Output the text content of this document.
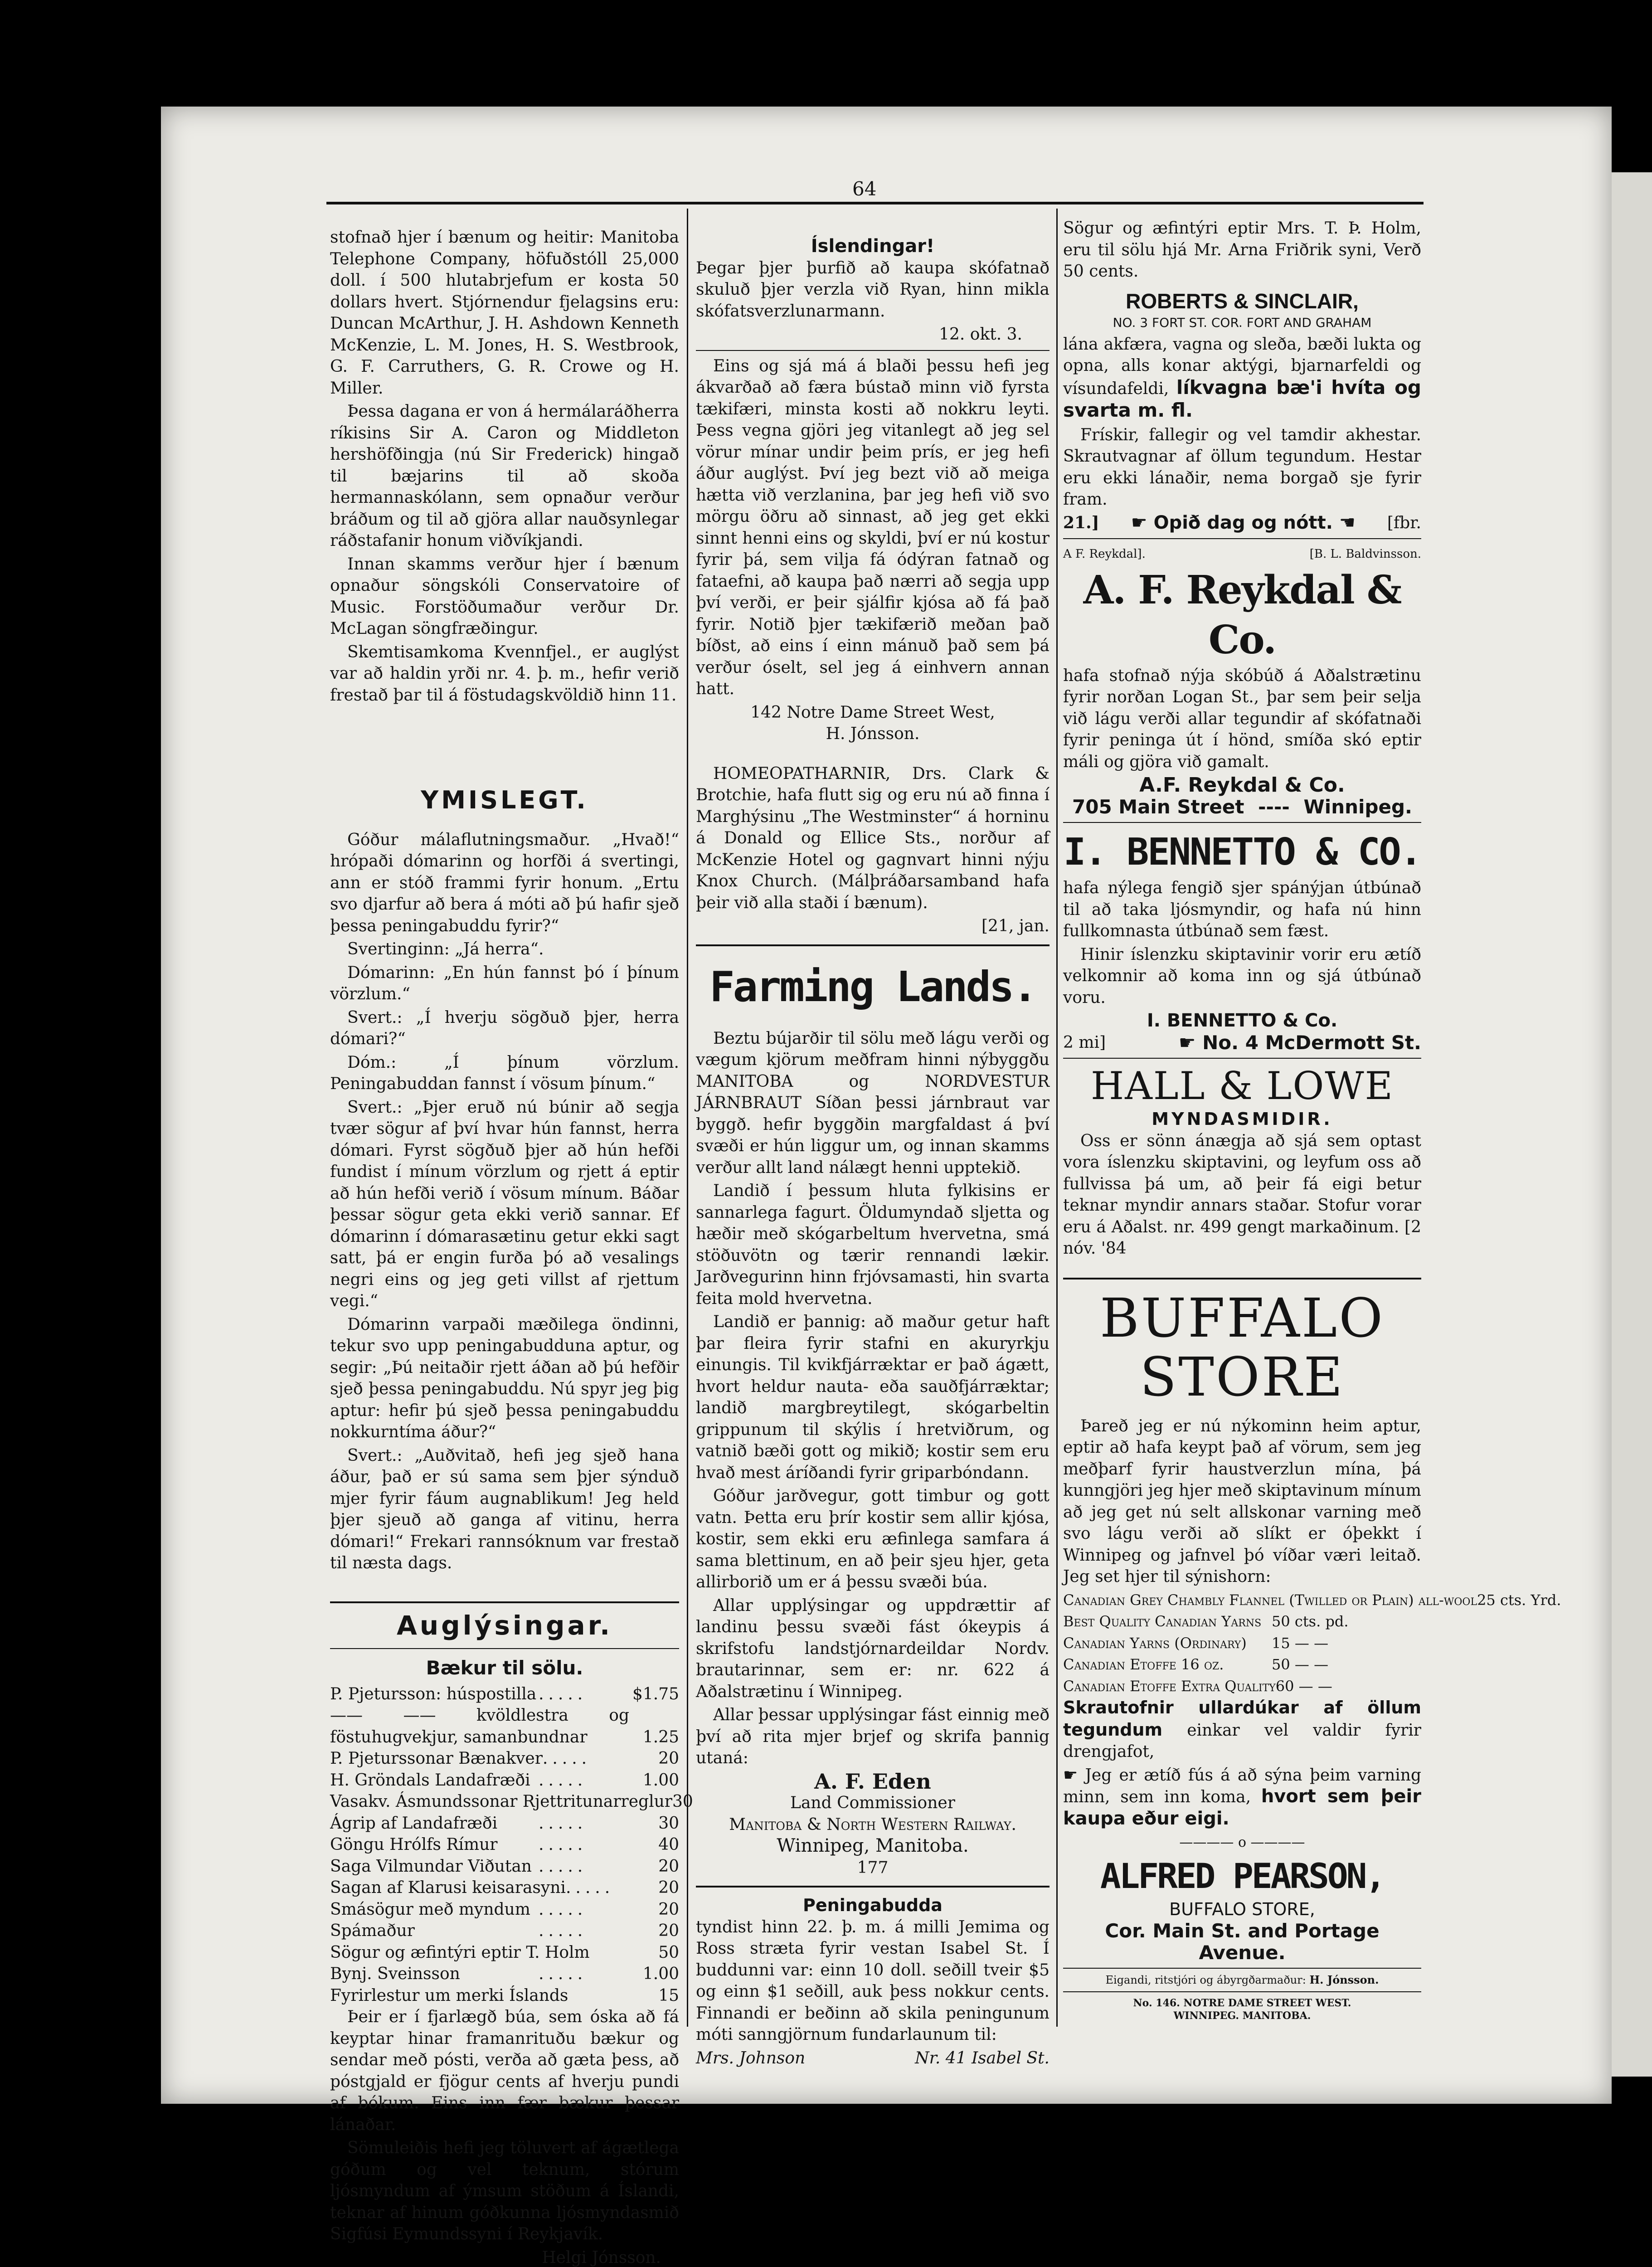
64

stofnað hjer í bænum og heitir: Manitoba Telephone Company, höfuðstóll 25,000 doll. í 500 hlutabrjefum er kosta 50 dollars hvert. Stjórnendur fjelagsins eru: Duncan McArthur, J. H. Ashdown Kenneth McKenzie, L. M. Jones, H. S. Westbrook, G. F. Carruthers, G. R. Crowe og H. Miller.

Þessa dagana er von á hermálaráðherra ríkisins Sir A. Caron og Middleton hershöfðingja (nú Sir Frederick) hingað til bæjarins til að skoða hermannaskólann, sem opnaður verður bráðum og til að gjöra allar nauðsynlegar ráðstafanir honum viðvíkjandi.

Innan skamms verður hjer í bænum opnaður söngskóli Conservatoire of Music. Forstöðumaður verður Dr. McLagan söngfræðingur.

Skemtisamkoma Kvennfjel., er auglýst var að haldin yrði nr. 4. þ. m., hefir verið frestað þar til á föstudagskvöldið hinn 11.

YMISLEGT.

Góður málaflutningsmaður. „Hvað!“ hrópaði dómarinn og horfði á svertingi, ann er stóð frammi fyrir honum. „Ertu svo djarfur að bera á móti að þú hafir sjeð þessa peningabuddu fyrir?“

Svertinginn: „Já herra“.

Dómarinn: „En hún fannst þó í þínum vörzlum.“

Svert.: „Í hverju sögðuð þjer, herra dómari?“

Dóm.: „Í þínum vörzlum. Peningabuddan fannst í vösum þínum.“

Svert.: „Þjer eruð nú búnir að segja tvær sögur af því hvar hún fannst, herra dómari. Fyrst sögðuð þjer að hún hefði fundist í mínum vörzlum og rjett á eptir að hún hefði verið í vösum mínum. Báðar þessar sögur geta ekki verið sannar. Ef dómarinn í dómarasætinu getur ekki sagt satt, þá er engin furða þó að vesalings negri eins og jeg geti villst af rjettum vegi.“

Dómarinn varpaði mæðilega öndinni, tekur svo upp peningabudduna aptur, og segir: „Þú neitaðir rjett áðan að þú hefðir sjeð þessa peningabuddu. Nú spyr jeg þig aptur: hefir þú sjeð þessa peningabuddu nokkurntíma áður?“

Svert.: „Auðvitað, hefi jeg sjeð hana áður, það er sú sama sem þjer sýnduð mjer fyrir fáum augnablikum! Jeg held þjer sjeuð að ganga af vitinu, herra dómari!“ Frekari rannsóknum var frestað til næsta dags.

Auglýsingar.
Bækur til sölu.
P. Pjetursson: húspostilla .....	$1.75
—— —— kvöldlestra og föstuhugvekjur, samanbundnar	1.25
P. Pjeturssonar Bænakver .....	20
H. Gröndals Landafræði .....	1.00
Vasakv. Ásmundssonar Rjettritunarreglur 30
Ágrip af Landafræði	.....	30
Göngu Hrólfs Rímur	.....	40
Saga Vilmundar Viðutan .....	20
Sagan af Klarusi keisarasyni .....	20
Smásögur með myndum .....	20
Spámaður	.....	20
Sögur og æfintýri eptir T. Holm	50
Bynj. Sveinsson	.....	1.00
Fyrirlestur um merki Íslands	15

Þeir er í fjarlægð búa, sem óska að fá keyptar hinar framanrituðu bækur og sendar með pósti, verða að gæta þess, að póstgjald er fjögur cents af hverju pundi af bókum. Eins inn fær bækur þessar lánaðar.

Sömuleiðis hefi jeg töluvert af ágætlega góðum og vel teknum, stórum ljósmyndum af ýmsum stöðum á Íslandi, teknar af hinum góðkunna ljósmyndasmið Sigfúsi Eymundssyni í Reykjavík.

Helgi Jónsson.
Íslendingar!

Þegar þjer þurfið að kaupa skófatnað skuluð þjer verzla við Ryan, hinn mikla skófatsverzlunarmann.

12. okt. 3.

Eins og sjá má á blaði þessu hefi jeg ákvarðað að færa bústað minn við fyrsta tækifæri, minsta kosti að nokkru leyti. Þess vegna gjöri jeg vitanlegt að jeg sel vörur mínar undir þeim prís, er jeg hefi áður auglýst. Því jeg bezt við að meiga hætta við verzlanina, þar jeg hefi við svo mörgu öðru að sinnast, að jeg get ekki sinnt henni eins og skyldi, því er nú kostur fyrir þá, sem vilja fá ódýran fatnað og fataefni, að kaupa það nærri að segja upp því verði, er þeir sjálfir kjósa að fá það fyrir. Notið þjer tækifærið meðan það bíðst, að eins í einn mánuð það sem þá verður óselt, sel jeg á einhvern annan hatt.

142 Notre Dame Street West,
H. Jónsson.

HOMEOPATHARNIR, Drs. Clark & Brotchie, hafa flutt sig og eru nú að finna í Marghýsinu „The Westminster“ á horninu á Donald og Ellice Sts., norður af McKenzie Hotel og gagnvart hinni nýju Knox Church. (Málþráðarsamband hafa þeir við alla staði í bænum).

[21, jan.
Farming Lands.

Beztu bújarðir til sölu með lágu verði og vægum kjörum meðfram hinni nýbyggðu MANITOBA og NORDVESTUR JÁRNBRAUT Síðan þessi járnbraut var byggð. hefir byggðin margfaldast á því svæði er hún liggur um, og innan skamms verður allt land nálægt henni upptekið.

Landið í þessum hluta fylkisins er sannarlega fagurt. Öldumyndað sljetta og hæðir með skógarbeltum hvervetna, smá stöðuvötn og tærir rennandi lækir. Jarðvegurinn hinn frjóvsamasti, hin svarta feita mold hvervetna.

Landið er þannig: að maður getur haft þar fleira fyrir stafni en akuryrkju einungis. Til kvikfjárræktar er það ágætt, hvort heldur nauta- eða sauðfjárræktar; landið margbreytilegt, skógarbeltin grippunum til skýlis í hretviðrum, og vatnið bæði gott og mikið; kostir sem eru hvað mest áríðandi fyrir griparbóndann.

Góður jarðvegur, gott timbur og gott vatn. Þetta eru þrír kostir sem allir kjósa, kostir, sem ekki eru æfinlega samfara á sama blettinum, en að þeir sjeu hjer, geta allirborið um er á þessu svæði búa.

Allar upplýsingar og uppdrættir af landinu þessu svæði fást ókeypis á skrifstofu landstjórnardeildar Nordv. brautarinnar, sem er: nr. 622 á Aðalstrætinu í Winnipeg.

Allar þessar upplýsingar fást einnig með því að rita mjer brjef og skrifa þannig utaná:

A. F. Eden
Land Commissioner
Manitoba & North Western Railway.
Winnipeg, Manitoba.
177
Peningabudda

tyndist hinn 22. þ. m. á milli Jemima og Ross stræta fyrir vestan Isabel St. Í buddunni var: einn 10 doll. seðill tveir $5 og einn $1 seðill, auk þess nokkur cents. Finnandi er beðinn að skila peningunum móti sanngjörnum fundarlaunum til:

Mrs. Johnson	Nr. 41 Isabel St.

Sögur og æfintýri eptir Mrs. T. Þ. Holm, eru til sölu hjá Mr. Arna Friðrik syni, Verð 50 cents.

ROBERTS & SINCLAIR,
NO. 3 FORT ST. COR. FORT AND GRAHAM

lána akfæra, vagna og sleða, bæði lukta og opna, alls konar aktýgi, bjarnarfeldi og vísundafeldi, líkvagna bæ'i hvíta og svarta m. fl.

Frískir, fallegir og vel tamdir akhestar. Skrautvagnar af öllum tegundum. Hestar eru ekki lánaðir, nema borgað sje fyrir fram.

21.] ☛ Opið dag og nótt. ☚ [fbr.
A F. Reykdal].	[B. L. Baldvinsson.
A. F. Reykdal & Co.

hafa stofnað nýja skóbúð á Aðalstrætinu fyrir norðan Logan St., þar sem þeir selja við lágu verði allar tegundir af skófatnaði fyrir peninga út í hönd, smíða skó eptir máli og gjöra við gamalt.

A.F. Reykdal & Co.
705 Main Street ---- Winnipeg.
I. BENNETTO & CO.

hafa nýlega fengið sjer spánýjan útbúnað til að taka ljósmyndir, og hafa nú hinn fullkomnasta útbúnað sem fæst.

Hinir íslenzku skiptavinir vorir eru ætíð velkomnir að koma inn og sjá útbúnað voru.

I. BENNETTO & Co.
2 mi]	☛ No. 4 McDermott St.
HALL & LOWE
MYNDASMIDIR.

Oss er sönn ánægja að sjá sem optast vora íslenzku skiptavini, og leyfum oss að fullvissa þá um, að þeir fá eigi betur teknar myndir annars staðar. Stofur vorar eru á Aðalst. nr. 499 gengt markaðinum. [2 nóv. '84

BUFFALO
STORE

Þareð jeg er nú nýkominn heim aptur, eptir að hafa keypt það af vörum, sem jeg meðþarf fyrir haustverzlun mína, þá kunngjöri jeg hjer með skiptavinum mínum að jeg get nú selt allskonar varning með svo lágu verði að slíkt er óþekkt í Winnipeg og jafnvel þó víðar væri leitað. Jeg set hjer til sýnishorn:

Canadian Grey Chambly Flannel (Twilled or Plain) all-wool 25 cts. Yrd.
Best Quality Canadian Yarns 50 cts. pd.
Canadian Yarns (Ordinary)	15 — —
Canadian Etoffe 16 oz.	50 — —
Canadian Etoffe Extra Quality 60 — —

Skrautofnir ullardúkar af öllum tegundum einkar vel valdir fyrir drengjafot,

☛ Jeg er ætíð fús á að sýna þeim varning minn, sem inn koma, hvort sem þeir kaupa eður eigi.

———— o ————
ALFRED PEARSON,
BUFFALO STORE,
Cor. Main St. and Portage Avenue.
Eigandi, ritstjóri og ábyrgðarmaður: H. Jónsson.
No. 146. NOTRE DAME STREET WEST.
WINNIPEG. MANITOBA.
